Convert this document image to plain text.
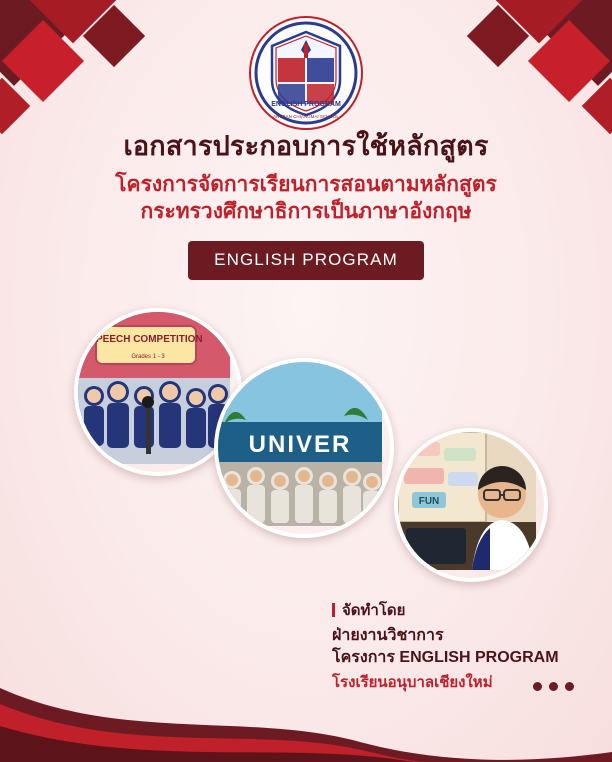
ENGLISH PROGRAM
ANUBAN CHIANGMAI SCHOOL
เอกสารประกอบการใช้หลักสูตร
โครงการจัดการเรียนการสอนตามหลักสูตร
กระทรวงศึกษาธิการเป็นภาษาอังกฤษ
ENGLISH PROGRAM
SPEECH COMPETITION
Grades 1 - 3
UNIVER
FUN
จัดทำโดย
ฝ่ายงานวิชาการ
โครงการ ENGLISH PROGRAM
โรงเรียนอนุบาลเชียงใหม่
